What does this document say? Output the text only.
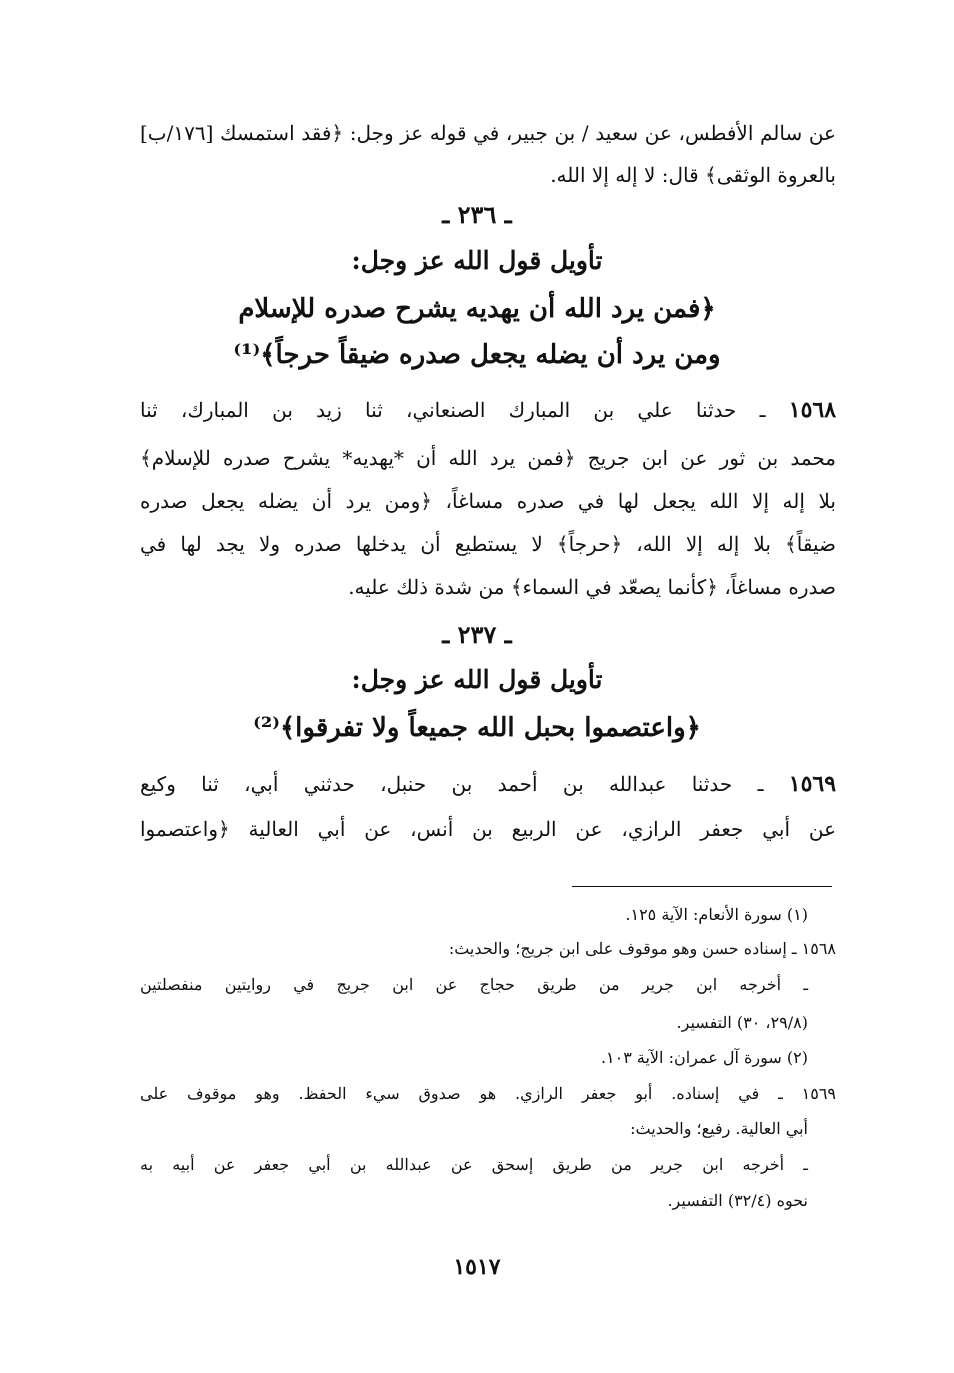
عن سالم الأفطس، عن سعيد / بن جبير، في قوله عز وجل: ﴿فقد استمسك [١٧٦/ب]
بالعروة الوثقى﴾ قال: لا إله إلا الله.
ـ ٢٣٦ ـ
تأويل قول الله عز وجل:
﴿فمن يرد الله أن يهديه يشرح صدره للإسلام
ومن يرد أن يضله يجعل صدره ضيقاً حرجاً﴾⁽¹⁾
١٥٦٨ ـ حدثنا علي بن المبارك الصنعاني، ثنا زيد بن المبارك، ثنا
محمد بن ثور عن ابن جريج ﴿فمن يرد الله أن *يهديه* يشرح صدره للإسلام﴾
بلا إله إلا الله يجعل لها في صدره مساغاً، ﴿ومن يرد أن يضله يجعل صدره
ضيقاً﴾ بلا إله إلا الله، ﴿حرجاً﴾ لا يستطيع أن يدخلها صدره ولا يجد لها في
صدره مساغاً، ﴿كأنما يصعّد في السماء﴾ من شدة ذلك عليه.
ـ ٢٣٧ ـ
تأويل قول الله عز وجل:
﴿واعتصموا بحبل الله جميعاً ولا تفرقوا﴾⁽²⁾
١٥٦٩ ـ حدثنا عبدالله بن أحمد بن حنبل، حدثني أبي، ثنا وكيع
عن أبي جعفر الرازي، عن الربيع بن أنس، عن أبي العالية ﴿واعتصموا
(١) سورة الأنعام: الآية ١٢٥.
١٥٦٨ ـ إسناده حسن وهو موقوف على ابن جريج؛ والحديث:
ـ أخرجه ابن جرير من طريق حجاج عن ابن جريج في روايتين منفصلتين
(٢٩/٨، ٣٠) التفسير.
(٢) سورة آل عمران: الآية ١٠٣.
١٥٦٩ ـ في إسناده. أبو جعفر الرازي. هو صدوق سيء الحفظ. وهو موقوف على
أبي العالية. رفيع؛ والحديث:
ـ أخرجه ابن جرير من طريق إسحق عن عبدالله بن أبي جعفر عن أبيه به
نحوه (٣٢/٤) التفسير.
١٥١٧
